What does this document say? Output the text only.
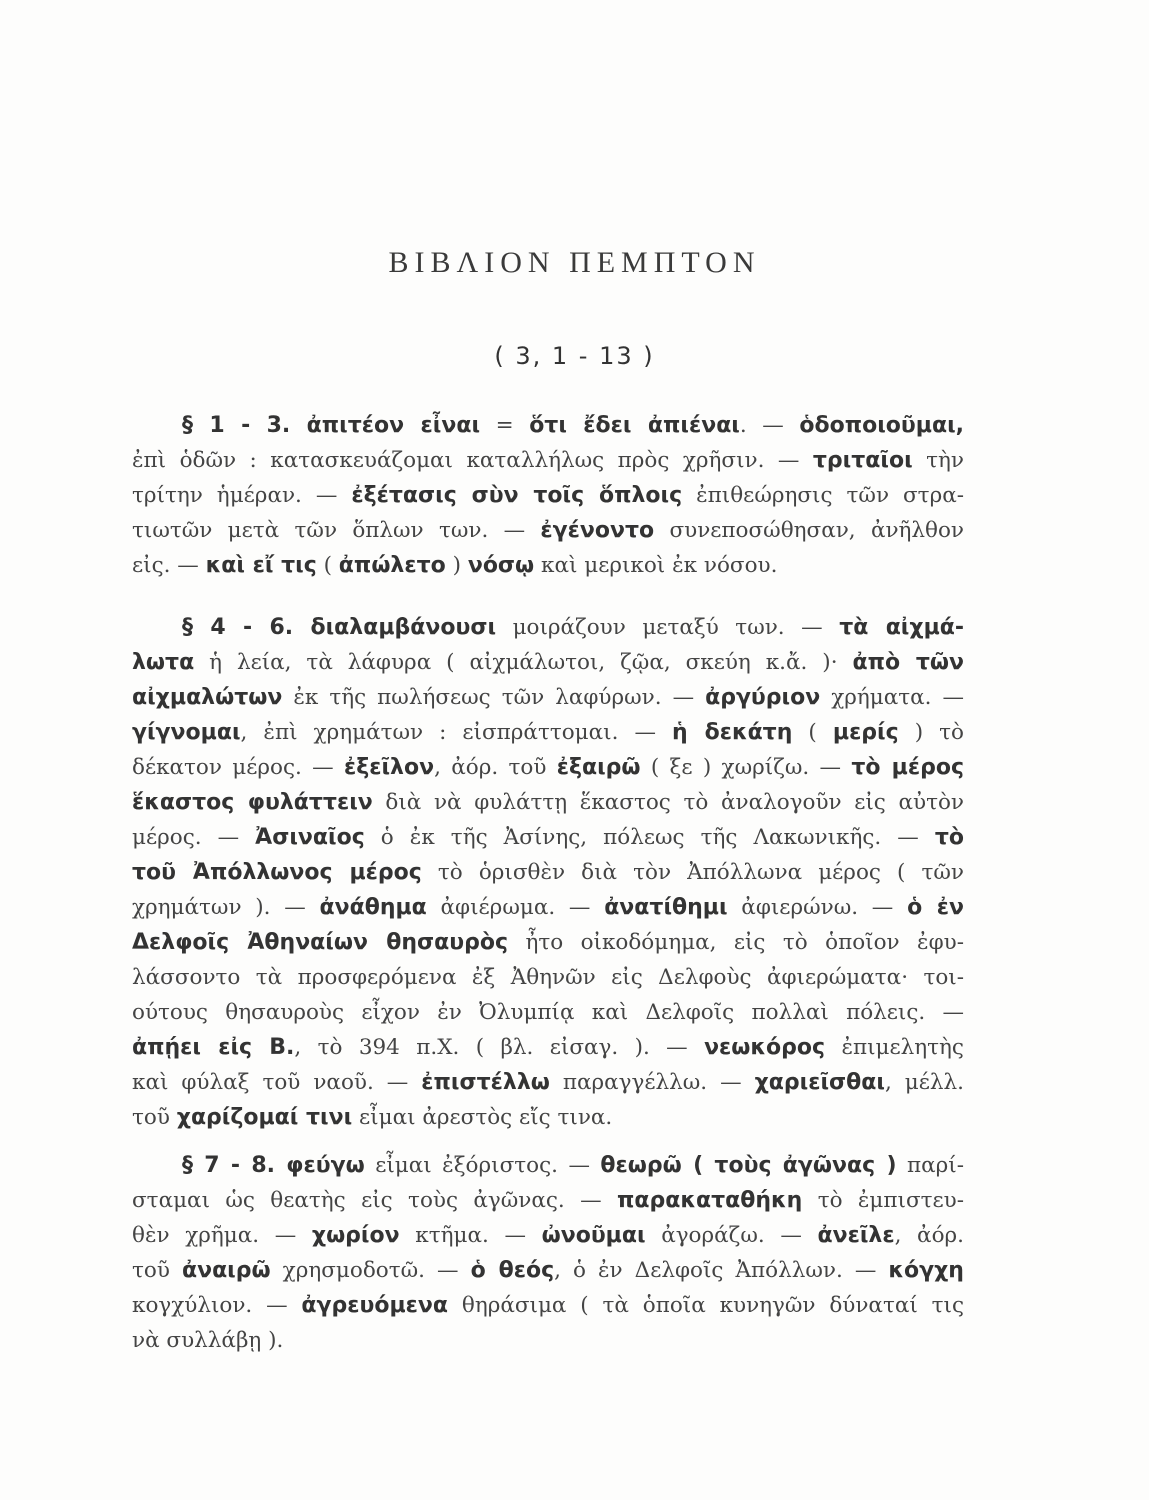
ΒΙΒΛΙΟΝ ΠΕΜΠΤΟΝ
( 3, 1 - 13 )
§ 1 - 3. ἀπιτέον εἶναι = ὅτι ἔδει ἀπιέναι. — ὁδοποιοῦμαι,
ἐπὶ ὁδῶν : κατασκευάζομαι καταλλήλως πρὸς χρῆσιν. — τριταῖοι τὴν
τρίτην ἡμέραν. — ἐξέτασις σὺν τοῖς ὅπλοις ἐπιθεώρησις τῶν στρα-
τιωτῶν μετὰ τῶν ὅπλων των. — ἐγένοντο συνεποσώθησαν, ἀνῆλθον
εἰς. — καὶ εἴ τις ( ἀπώλετο ) νόσῳ καὶ μερικοὶ ἐκ νόσου.
§ 4 - 6. διαλαμβάνουσι μοιράζουν μεταξύ των. — τὰ αἰχμά-
λωτα ἡ λεία, τὰ λάφυρα ( αἰχμάλωτοι, ζῷα, σκεύη κ.ἄ. )· ἀπὸ τῶν
αἰχμαλώτων ἐκ τῆς πωλήσεως τῶν λαφύρων. — ἀργύριον χρήματα. —
γίγνομαι, ἐπὶ χρημάτων : εἰσπράττομαι. — ἡ δεκάτη ( μερίς ) τὸ
δέκατον μέρος. — ἐξεῖλον, ἀόρ. τοῦ ἐξαιρῶ ( ξε ) χωρίζω. — τὸ μέρος
ἕκαστος φυλάττειν διὰ νὰ φυλάττῃ ἕκαστος τὸ ἀναλογοῦν εἰς αὐτὸν
μέρος. — Ἀσιναῖος ὁ ἐκ τῆς Ἀσίνης, πόλεως τῆς Λακωνικῆς. — τὸ
τοῦ Ἀπόλλωνος μέρος τὸ ὁρισθὲν διὰ τὸν Ἀπόλλωνα μέρος ( τῶν
χρημάτων ). — ἀνάθημα ἀφιέρωμα. — ἀνατίθημι ἀφιερώνω. — ὁ ἐν
Δελφοῖς Ἀθηναίων θησαυρὸς ἦτο οἰκοδόμημα, εἰς τὸ ὁποῖον ἐφυ-
λάσσοντο τὰ προσφερόμενα ἐξ Ἀθηνῶν εἰς Δελφοὺς ἀφιερώματα· τοι-
ούτους θησαυροὺς εἶχον ἐν Ὀλυμπίᾳ καὶ Δελφοῖς πολλαὶ πόλεις. —
ἀπῄει εἰς Β., τὸ 394 π.Χ. ( βλ. εἰσαγ. ). — νεωκόρος ἐπιμελητὴς
καὶ φύλαξ τοῦ ναοῦ. — ἐπιστέλλω παραγγέλλω. — χαριεῖσθαι, μέλλ.
τοῦ χαρίζομαί τινι εἶμαι ἀρεστὸς εἴς τινα.
§ 7 - 8. φεύγω εἶμαι ἐξόριστος. — θεωρῶ ( τοὺς ἀγῶνας ) παρί-
σταμαι ὡς θεατὴς εἰς τοὺς ἀγῶνας. — παρακαταθήκη τὸ ἐμπιστευ-
θὲν χρῆμα. — χωρίον κτῆμα. — ὠνοῦμαι ἀγοράζω. — ἀνεῖλε, ἀόρ.
τοῦ ἀναιρῶ χρησμοδοτῶ. — ὁ θεός, ὁ ἐν Δελφοῖς Ἀπόλλων. — κόγχη
κογχύλιον. — ἀγρευόμενα θηράσιμα ( τὰ ὁποῖα κυνηγῶν δύναταί τις
νὰ συλλάβῃ ).
